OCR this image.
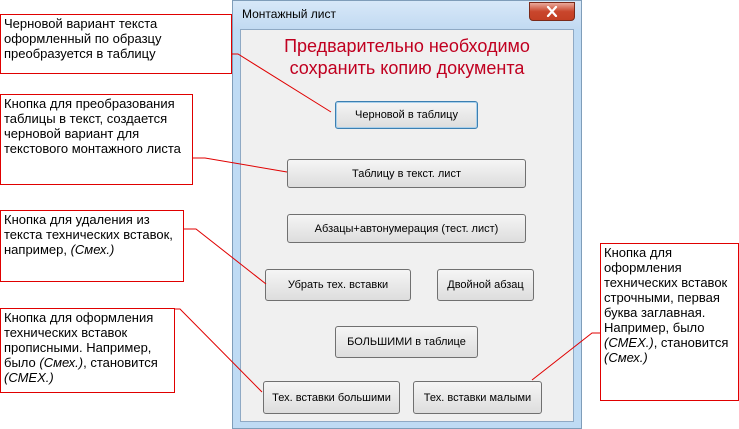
Монтажный лист
Предварительно необходимо
сохранить копию документа
Черновой в таблицу
Таблицу в текст. лист
Абзацы+автонумерация (тест. лист)
Убрать тех. вставки	Двойной абзац
БОЛЬШИМИ в таблице
Тех. вставки большими	Тех. вставки малыми
Черновой вариант текста оформленный по образцу преобразуется в таблицу
Кнопка для преобразования таблицы в текст, создается черновой вариант для текстового монтажного листа
Кнопка для удаления из текста технических вставок, например, (Смех.)
Кнопка для оформления технических вставок прописными. Например, было (Смех.), становится (СМЕХ.)
Кнопка для оформления технических вставок строчными, первая буква заглавная. Например, было (СМЕХ.), становится (Смех.)
